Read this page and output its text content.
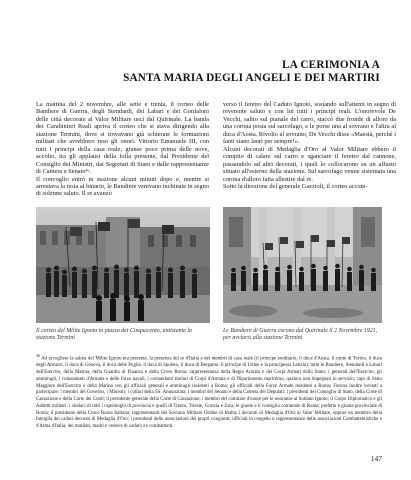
LA CERIMONIA A
SANTA MARIA DEGLI ANGELI E DEI MARTIRI

La mattina del 2 novembre, alle sette e trenta, il corteo delle Bandiere di Guerra, degli Stendardi, dei Labari e dei Gonfaloni delle città decorate al Valor Militare uscì dal Quirinale. La banda dei Carabinieri Reali aprìva il corteo che si stava dirigendo alla stazione Termini, dove si trovavano già schierate le formazioni militari che avrebbero reso gli onori. Vittorio Emanuele III, con tutti i principi della casa reale, giunse poco prima delle nove, accolto, tra gli applausi della folla presente, dal Presidente del Consiglio dei Ministri, dai Segretari di Stato e dalle rappresentanze di Camera e Senato³⁶.

Il convoglio entrò in stazione alcuni minuti dopo e, mentre si arrestava la testa al binario, le Bandiere venivano inchinate in segno di solenne saluto. Il re avanzò

verso il feretro del Caduto Ignoto, sostando sull'attenti in segno di reverente saluto e con lui tutti i principi reali. L'onorevole De Vecchi, salito sul pianale del carro, staccò due fronde di alloro da una corona posta sul sarcofago, e le porse una al sovrano e l'altra al duca d'Aosta. Rivolto al sovrano, De Vecchi disse «Maestà, perché i fanti siano lauri per sempre!».

Alcuni decorati di Medaglia d'Oro al Valor Militare ebbero il compito di calare sul carro e sganciare il feretro dal cannone, passandolo ad altri decorati, i quali lo collocarono su un affusto situato all'esterno della stazione. Sul sarcofago venne sistemata una corona d'alloro fatta allestire dal re.

Sotto la direzione del generale Gazzioli, il corteo accom-

Il corteo del Milite Ignoto in piazza dei Cinquecento, antistante la stazione Termini
Le Bandiere di Guerra escono dal Quirinale il 2 Novembre 1921, per avviarsi alla stazione Termini
$^{36}$ Ad accogliere la salma del Milite Ignoto era presente, la presenza del re d'Italia e dei membri di casa reale (il principe ereditario, il duca d'Aosta, il conte di Torino, il duca degli Abruzzi, il duca di Genova, il duca delle Puglie, il duca di Spoleto, il duca di Bergamo, il principe di Udine e la principessa Letizia); tutte le Bandiere, Stendardi e Labari dell'Esercito, della Marina, della Guardia di Finanza e della Croce Rossa; rappresentanza della Regia Armata e dei Corpi Armati dello Stato; i generali dell'Esercito, gli ammiragli, i comandanti d'Armata e delle forze navali, i comandanti titolari di Corpi d'Armata e di Dipartimento marittimo, qualora non impegnati in servizio; capi di Stato Maggiore dell'Esercito e della Marina con gli ufficiali generali e ammiragli residenti a Roma; gli ufficiali della Forze Armate residenti a Roma; Furono inoltre invitati a partecipare: i membri del Governo, i Ministri; i collari della SS. Annunziata; i membri del Senato e della Camera dei Deputati; i presidenti del Consiglio di Stato, della Corte di Cassazione e della Corte dei Conti; il presidente generale della Corte di Cassazione; i membri del comitato d'onore per le onoranze al Soldato Ignoto; il Corpo Diplomatico e gli Addetti militari; i sindaci di tutti i capoluoghi di provincia e quelli di Trento, Trieste, Gorizia e Zara; le giunte e il consiglio comunale di Roma; prefetto e giunta provinciale di Roma; il presidente della Croce Rossa Italiana; rappresentanti del Sovrano Militare Ordine di Malta; i decorati di Medaglia d'Oro al Valor Militare, oppure un membro della famiglia dei caduti decorati di Medaglia d'Oro; i presidenti delle associazioni dei propri congiunti; ufficiali in congedo e rappresentanze delle associazioni Combattentistiche e d'Arma d'Italia; dei mutilati, madri e vedove di caduti; ex combattenti.
147
